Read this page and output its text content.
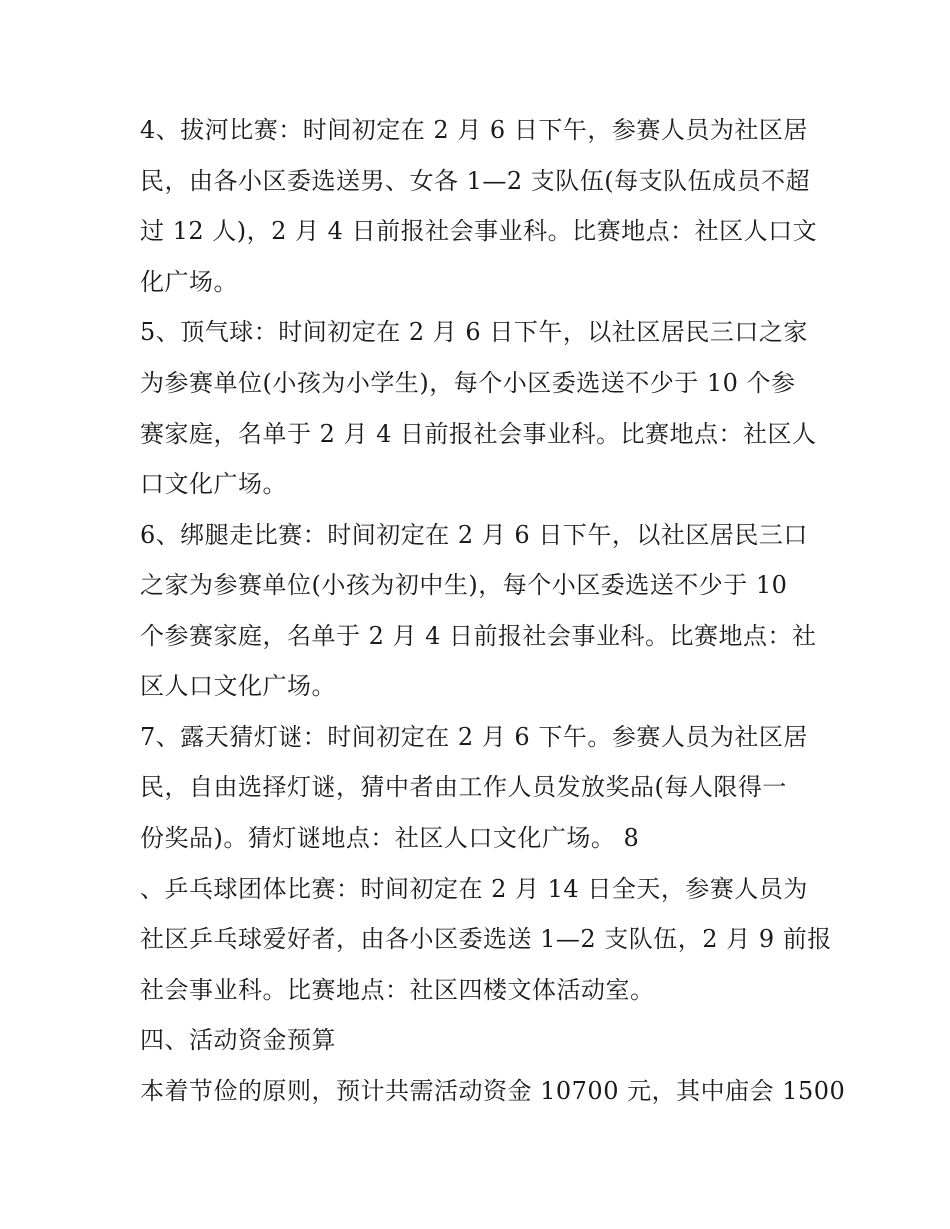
4、拔河比赛：时间初定在 2 月 6 日下午，参赛人员为社区居
民，由各小区委选送男、女各 1—2 支队伍(每支队伍成员不超
过 12 人)，2 月 4 日前报社会事业科。比赛地点：社区人口文
化广场。
5、顶气球：时间初定在 2 月 6 日下午，以社区居民三口之家
为参赛单位(小孩为小学生)，每个小区委选送不少于 10 个参
赛家庭，名单于 2 月 4 日前报社会事业科。比赛地点：社区人
口文化广场。
6、绑腿走比赛：时间初定在 2 月 6 日下午，以社区居民三口
之家为参赛单位(小孩为初中生)，每个小区委选送不少于 10
个参赛家庭，名单于 2 月 4 日前报社会事业科。比赛地点：社
区人口文化广场。
7、露天猜灯谜：时间初定在 2 月 6 下午。参赛人员为社区居
民，自由选择灯谜，猜中者由工作人员发放奖品(每人限得一
份奖品)。猜灯谜地点：社区人口文化广场。 8
、乒乓球团体比赛：时间初定在 2 月 14 日全天，参赛人员为
社区乒乓球爱好者，由各小区委选送 1—2 支队伍，2 月 9 前报
社会事业科。比赛地点：社区四楼文体活动室。
四、活动资金预算
本着节俭的原则，预计共需活动资金 10700 元，其中庙会 1500
